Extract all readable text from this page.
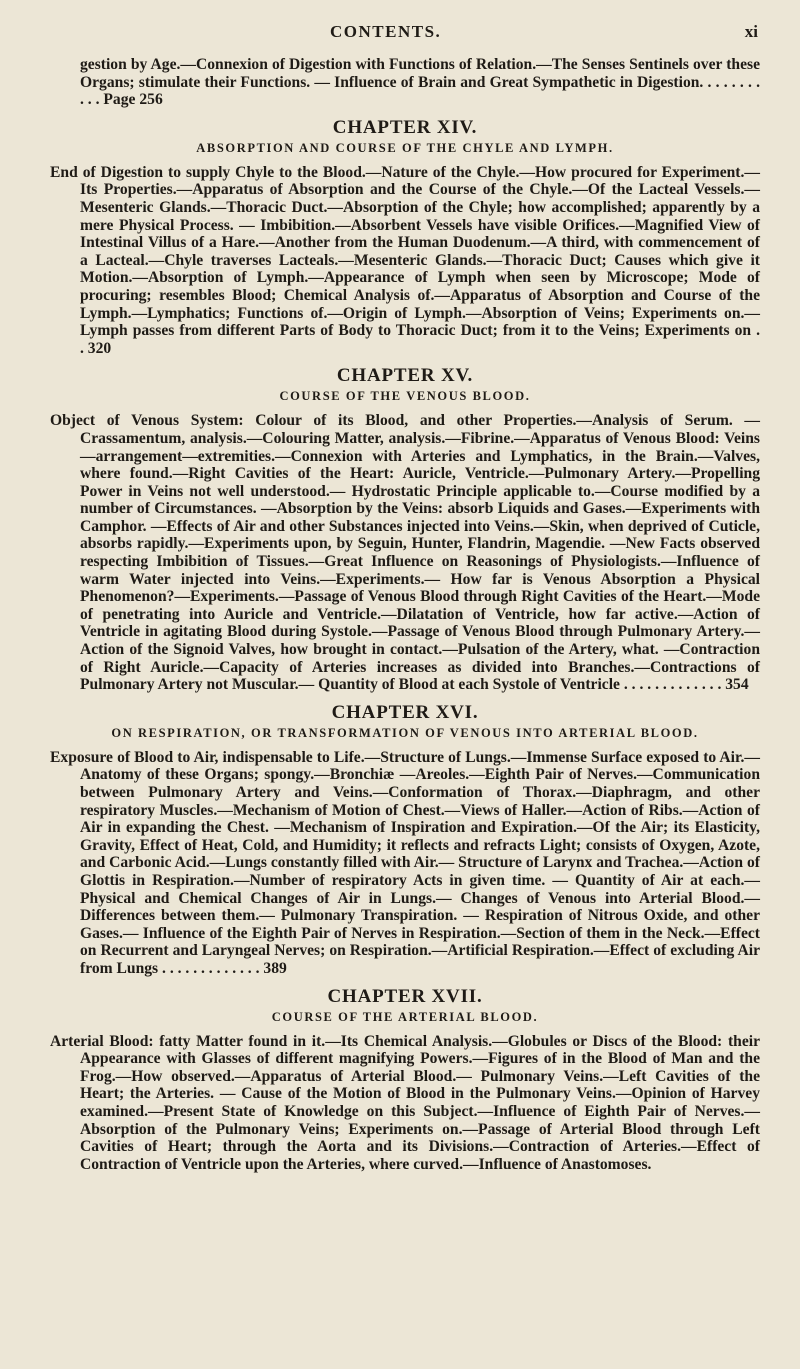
CONTENTS.	xi

gestion by Age.—Connexion of Digestion with Functions of Relation.—The Senses Sentinels over these Organs; stimulate their Functions. — Influence of Brain and Great Sympathetic in Digestion. . . . . . . . . . . Page 256

CHAPTER XIV.
ABSORPTION AND COURSE OF THE CHYLE AND LYMPH.

End of Digestion to supply Chyle to the Blood.—Nature of the Chyle.—How procured for Experiment.—Its Properties.—Apparatus of Absorption and the Course of the Chyle.—Of the Lacteal Vessels.—Mesenteric Glands.—Thoracic Duct.—Absorption of the Chyle; how accomplished; apparently by a mere Physical Process. — Imbibition.—Absorbent Vessels have visible Orifices.—Magnified View of Intestinal Villus of a Hare.—Another from the Human Duodenum.—A third, with commencement of a Lacteal.—Chyle traverses Lacteals.—Mesenteric Glands.—Thoracic Duct; Causes which give it Motion.—Absorption of Lymph.—Appearance of Lymph when seen by Microscope; Mode of procuring; resembles Blood; Chemical Analysis of.—Apparatus of Absorption and Course of the Lymph.—Lymphatics; Functions of.—Origin of Lymph.—Absorption of Veins; Experiments on.— Lymph passes from different Parts of Body to Thoracic Duct; from it to the Veins; Experiments on . . 320

CHAPTER XV.
COURSE OF THE VENOUS BLOOD.

Object of Venous System: Colour of its Blood, and other Properties.—Analysis of Serum. —Crassamentum, analysis.—Colouring Matter, analysis.—Fibrine.—Apparatus of Venous Blood: Veins—arrangement—extremities.—Connexion with Arteries and Lymphatics, in the Brain.—Valves, where found.—Right Cavities of the Heart: Auricle, Ventricle.—Pulmonary Artery.—Propelling Power in Veins not well understood.— Hydrostatic Principle applicable to.—Course modified by a number of Circumstances. —Absorption by the Veins: absorb Liquids and Gases.—Experiments with Camphor. —Effects of Air and other Substances injected into Veins.—Skin, when deprived of Cuticle, absorbs rapidly.—Experiments upon, by Seguin, Hunter, Flandrin, Magendie. —New Facts observed respecting Imbibition of Tissues.—Great Influence on Reasonings of Physiologists.—Influence of warm Water injected into Veins.—Experiments.— How far is Venous Absorption a Physical Phenomenon?—Experiments.—Passage of Venous Blood through Right Cavities of the Heart.—Mode of penetrating into Auricle and Ventricle.—Dilatation of Ventricle, how far active.—Action of Ventricle in agitating Blood during Systole.—Passage of Venous Blood through Pulmonary Artery.— Action of the Signoid Valves, how brought in contact.—Pulsation of the Artery, what. —Contraction of Right Auricle.—Capacity of Arteries increases as divided into Branches.—Contractions of Pulmonary Artery not Muscular.— Quantity of Blood at each Systole of Ventricle . . . . . . . . . . . . . 354

CHAPTER XVI.
ON RESPIRATION, OR TRANSFORMATION OF VENOUS INTO ARTERIAL BLOOD.

Exposure of Blood to Air, indispensable to Life.—Structure of Lungs.—Immense Surface exposed to Air.—Anatomy of these Organs; spongy.—Bronchiæ —Areoles.—Eighth Pair of Nerves.—Communication between Pulmonary Artery and Veins.—Conformation of Thorax.—Diaphragm, and other respiratory Muscles.—Mechanism of Motion of Chest.—Views of Haller.—Action of Ribs.—Action of Air in expanding the Chest. —Mechanism of Inspiration and Expiration.—Of the Air; its Elasticity, Gravity, Effect of Heat, Cold, and Humidity; it reflects and refracts Light; consists of Oxygen, Azote, and Carbonic Acid.—Lungs constantly filled with Air.— Structure of Larynx and Trachea.—Action of Glottis in Respiration.—Number of respiratory Acts in given time. — Quantity of Air at each.— Physical and Chemical Changes of Air in Lungs.— Changes of Venous into Arterial Blood.— Differences between them.— Pulmonary Transpiration. — Respiration of Nitrous Oxide, and other Gases.— Influence of the Eighth Pair of Nerves in Respiration.—Section of them in the Neck.—Effect on Recurrent and Laryngeal Nerves; on Respiration.—Artificial Respiration.—Effect of excluding Air from Lungs . . . . . . . . . . . . . 389

CHAPTER XVII.
COURSE OF THE ARTERIAL BLOOD.

Arterial Blood: fatty Matter found in it.—Its Chemical Analysis.—Globules or Discs of the Blood: their Appearance with Glasses of different magnifying Powers.—Figures of in the Blood of Man and the Frog.—How observed.—Apparatus of Arterial Blood.— Pulmonary Veins.—Left Cavities of the Heart; the Arteries. — Cause of the Motion of Blood in the Pulmonary Veins.—Opinion of Harvey examined.—Present State of Knowledge on this Subject.—Influence of Eighth Pair of Nerves.—Absorption of the Pulmonary Veins; Experiments on.—Passage of Arterial Blood through Left Cavities of Heart; through the Aorta and its Divisions.—Contraction of Arteries.—Effect of Contraction of Ventricle upon the Arteries, where curved.—Influence of Anastomoses.
